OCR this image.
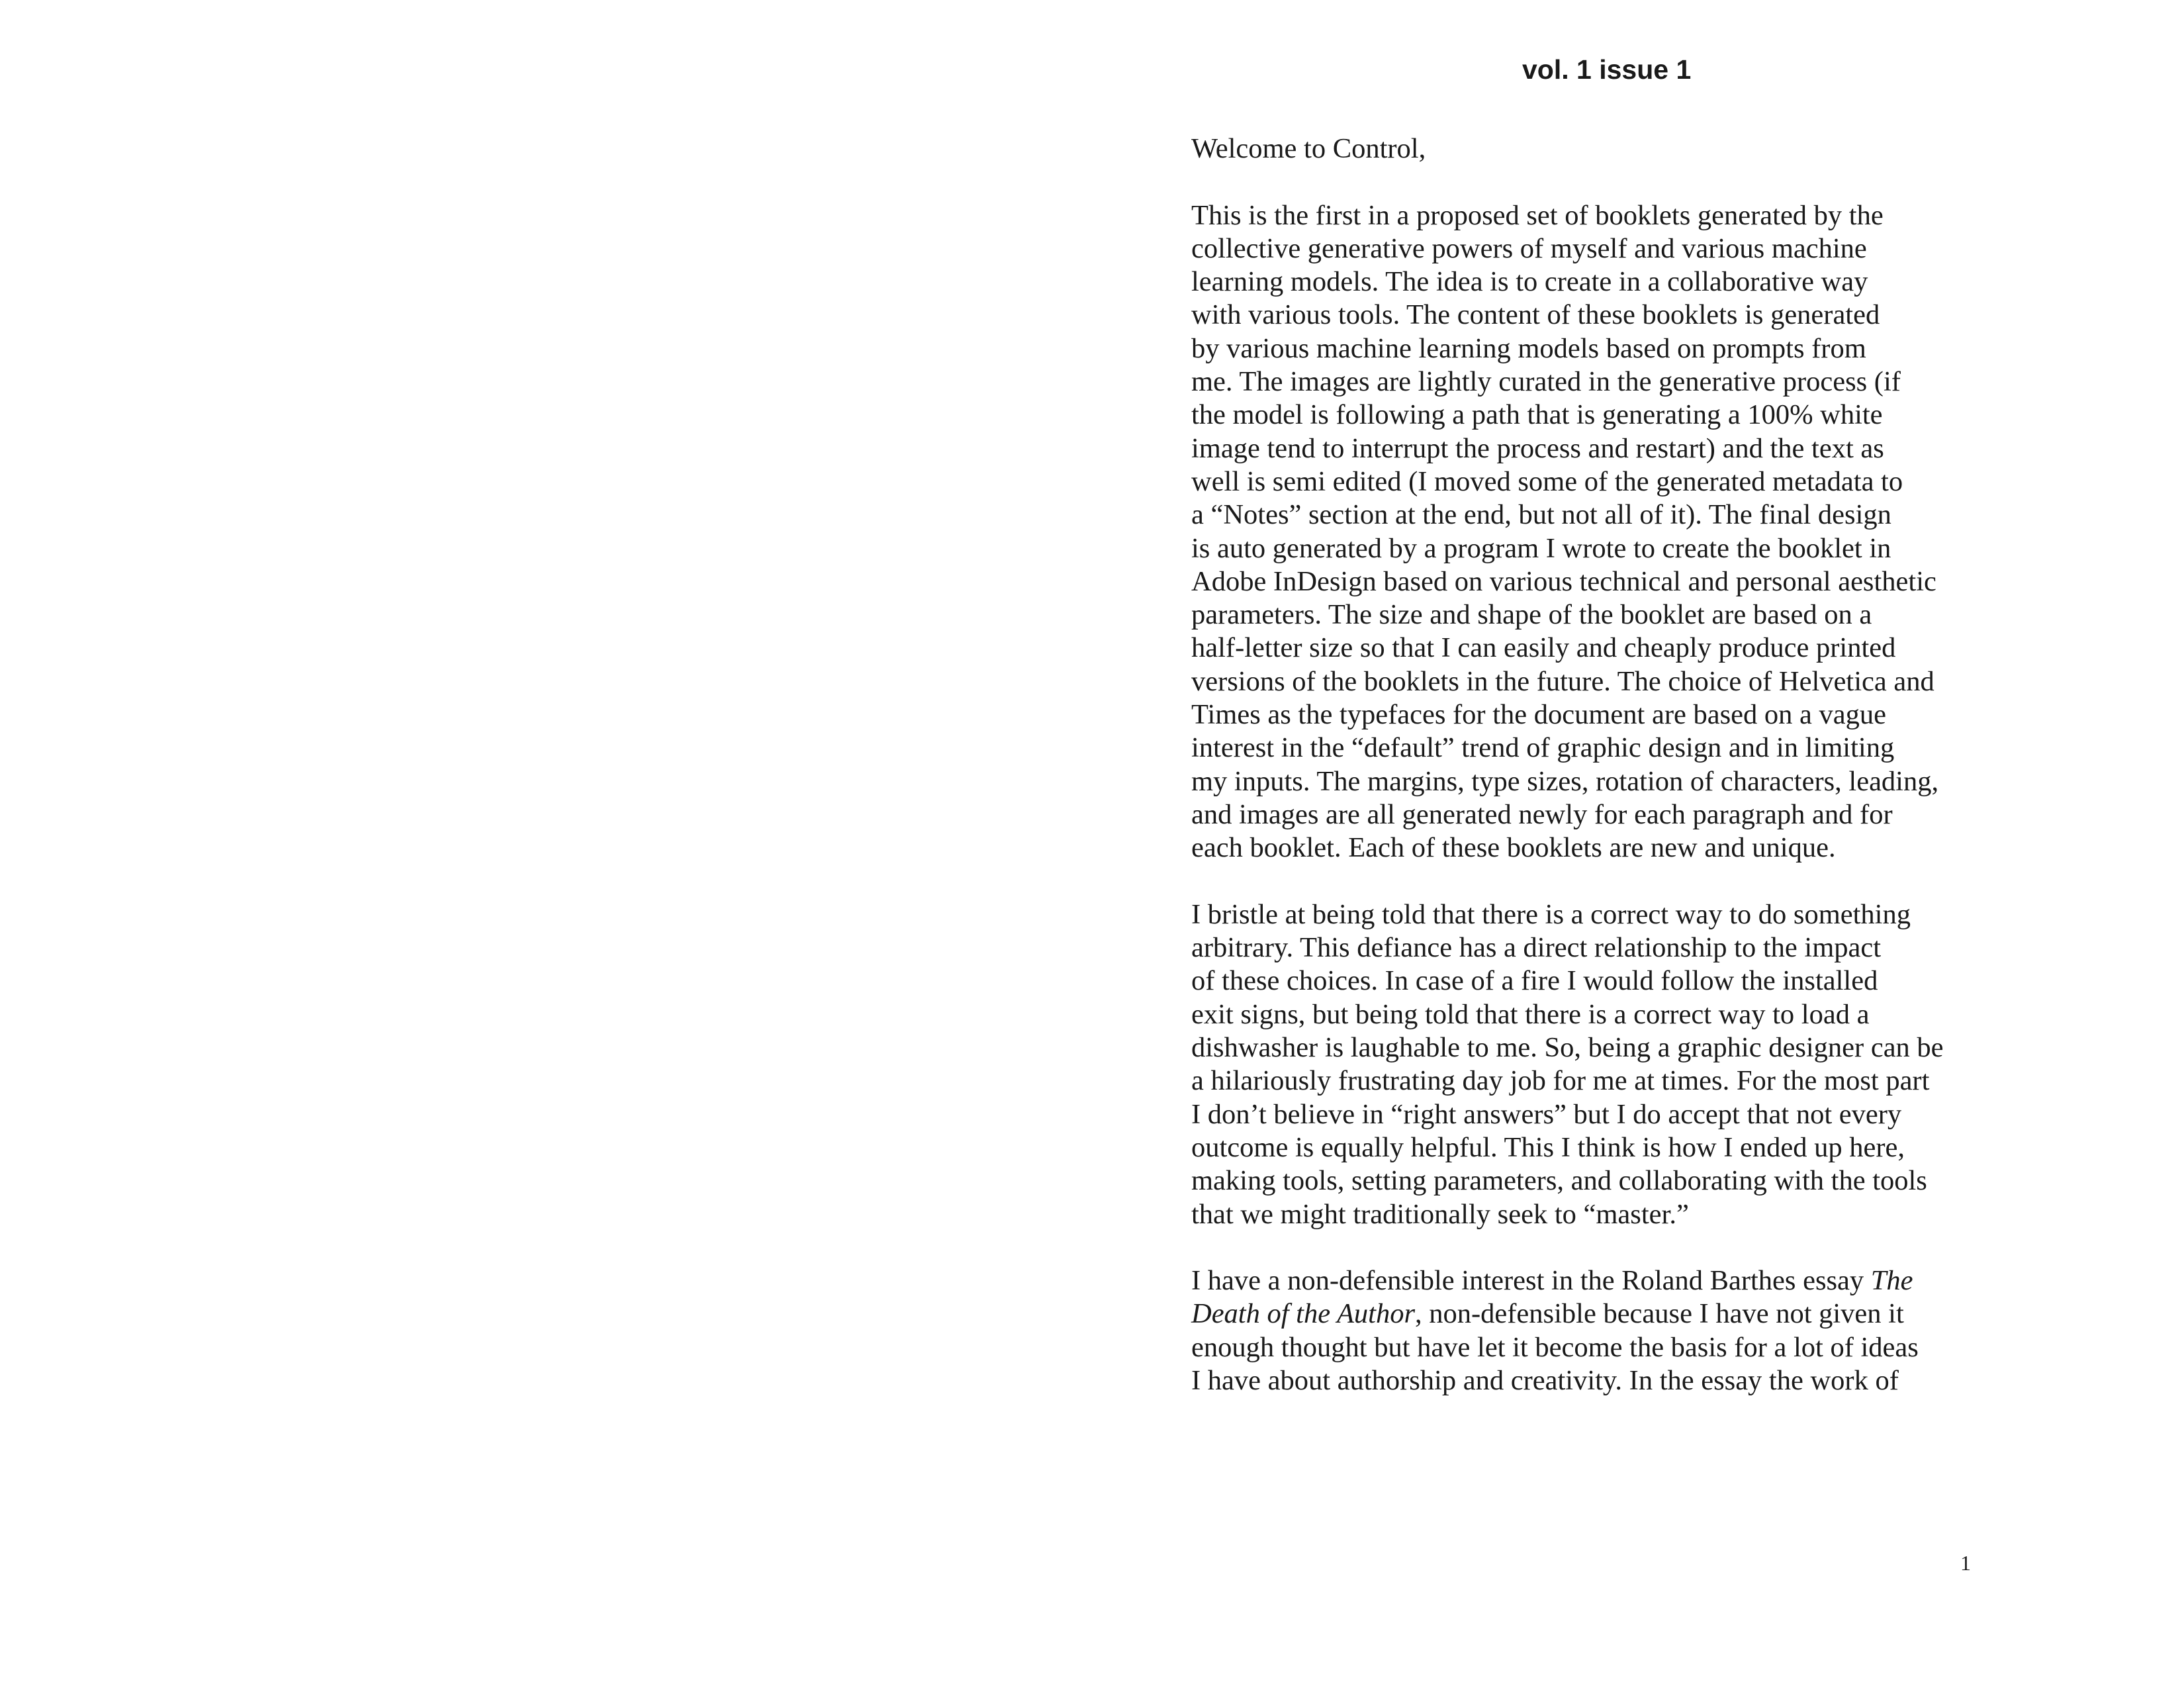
vol. 1 issue 1
Welcome to Control,
This is the first in a proposed set of booklets generated by the
collective generative powers of myself and various machine
learning models. The idea is to create in a collaborative way
with various tools. The content of these booklets is generated
by various machine learning models based on prompts from
me. The images are lightly curated in the generative process (if
the model is following a path that is generating a 100% white
image tend to interrupt the process and restart) and the text as
well is semi edited (I moved some of the generated metadata to
a “Notes” section at the end, but not all of it). The final design
is auto generated by a program I wrote to create the booklet in
Adobe InDesign based on various technical and personal aesthetic
parameters. The size and shape of the booklet are based on a
half-letter size so that I can easily and cheaply produce printed
versions of the booklets in the future. The choice of Helvetica and
Times as the typefaces for the document are based on a vague
interest in the “default” trend of graphic design and in limiting
my inputs. The margins, type sizes, rotation of characters, leading,
and images are all generated newly for each paragraph and for
each booklet. Each of these booklets are new and unique.
I bristle at being told that there is a correct way to do something
arbitrary. This defiance has a direct relationship to the impact
of these choices. In case of a fire I would follow the installed
exit signs, but being told that there is a correct way to load a
dishwasher is laughable to me. So, being a graphic designer can be
a hilariously frustrating day job for me at times. For the most part
I don’t believe in “right answers” but I do accept that not every
outcome is equally helpful. This I think is how I ended up here,
making tools, setting parameters, and collaborating with the tools
that we might traditionally seek to “master.”
I have a non-defensible interest in the Roland Barthes essay The
Death of the Author, non-defensible because I have not given it
enough thought but have let it become the basis for a lot of ideas
I have about authorship and creativity. In the essay the work of
1
